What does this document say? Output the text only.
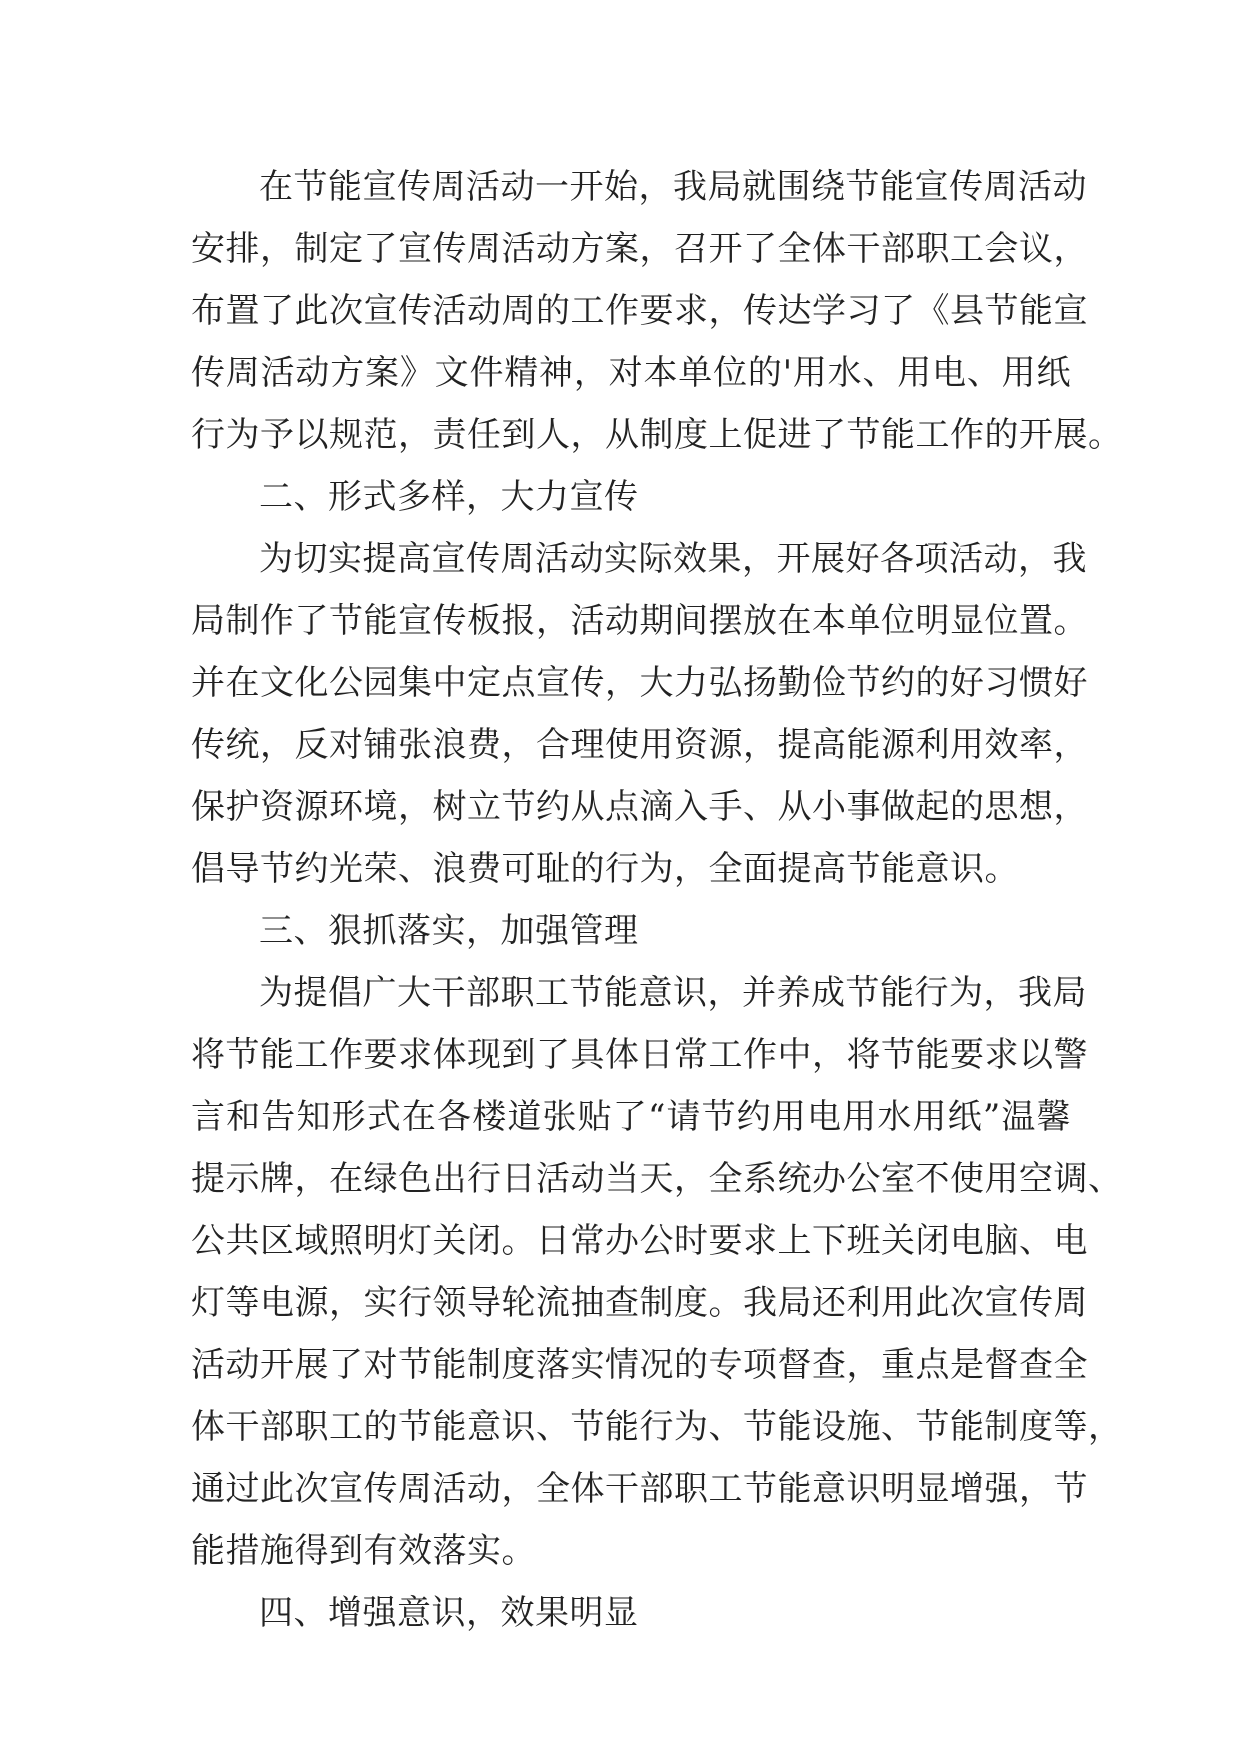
在节能宣传周活动一开始，我局就围绕节能宣传周活动
安排，制定了宣传周活动方案，召开了全体干部职工会议，
布置了此次宣传活动周的工作要求，传达学习了《县节能宣
传周活动方案》文件精神，对本单位的'用水、用电、用纸
行为予以规范，责任到人，从制度上促进了节能工作的开展。
二、形式多样，大力宣传
为切实提高宣传周活动实际效果，开展好各项活动，我
局制作了节能宣传板报，活动期间摆放在本单位明显位置。
并在文化公园集中定点宣传，大力弘扬勤俭节约的好习惯好
传统，反对铺张浪费，合理使用资源，提高能源利用效率，
保护资源环境，树立节约从点滴入手、从小事做起的思想，
倡导节约光荣、浪费可耻的行为，全面提高节能意识。
三、狠抓落实，加强管理
为提倡广大干部职工节能意识，并养成节能行为，我局
将节能工作要求体现到了具体日常工作中，将节能要求以警
言和告知形式在各楼道张贴了“请节约用电用水用纸”温馨
提示牌，在绿色出行日活动当天，全系统办公室不使用空调、
公共区域照明灯关闭。日常办公时要求上下班关闭电脑、电
灯等电源，实行领导轮流抽查制度。我局还利用此次宣传周
活动开展了对节能制度落实情况的专项督查，重点是督查全
体干部职工的节能意识、节能行为、节能设施、节能制度等，
通过此次宣传周活动，全体干部职工节能意识明显增强，节
能措施得到有效落实。
四、增强意识，效果明显
